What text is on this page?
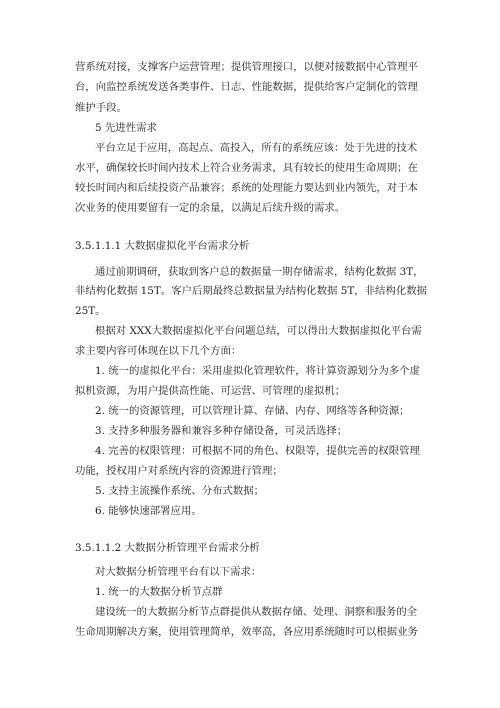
营系统对接，支撑客户运营管理；提供管理接口，以便对接数据中心管理平
台，向监控系统发送各类事件、日志、性能数据，提供给客户定制化的管理
维护手段。
5 先进性需求
平台立足于应用，高起点、高投入，所有的系统应该：处于先进的技术
水平，确保较长时间内技术上符合业务需求，具有较长的使用生命周期；在
较长时间内和后续投资产品兼容；系统的处理能力要达到业内领先，对于本
次业务的使用要留有一定的余量，以满足后续升级的需求。
3.5.1.1.1 大数据虚拟化平台需求分析
通过前期调研，获取到客户总的数据量一期存储需求，结构化数据 3T，
非结构化数据 15T。客户后期最终总数据量为结构化数据 5T，非结构化数据
25T。
根据对 XXX大数据虚拟化平台问题总结，可以得出大数据虚拟化平台需
求主要内容可体现在以下几个方面：
1. 统一的虚拟化平台：采用虚拟化管理软件，将计算资源划分为多个虚
拟机资源，为用户提供高性能、可运营、可管理的虚拟机；
2. 统一的资源管理，可以管理计算、存储、内存、网络等各种资源；
3. 支持多种服务器和兼容多种存储设备，可灵活选择；
4. 完善的权限管理：可根据不同的角色、权限等，提供完善的权限管理
功能，授权用户对系统内容的资源进行管理；
5. 支持主流操作系统、分布式数据；
6. 能够快速部署应用。
3.5.1.1.2 大数据分析管理平台需求分析
对大数据分析管理平台有以下需求：
1. 统一的大数据分析节点群
建设统一的大数据分析节点群提供从数据存储、处理、洞察和服务的全
生命周期解决方案，使用管理简单，效率高，各应用系统随时可以根据业务
